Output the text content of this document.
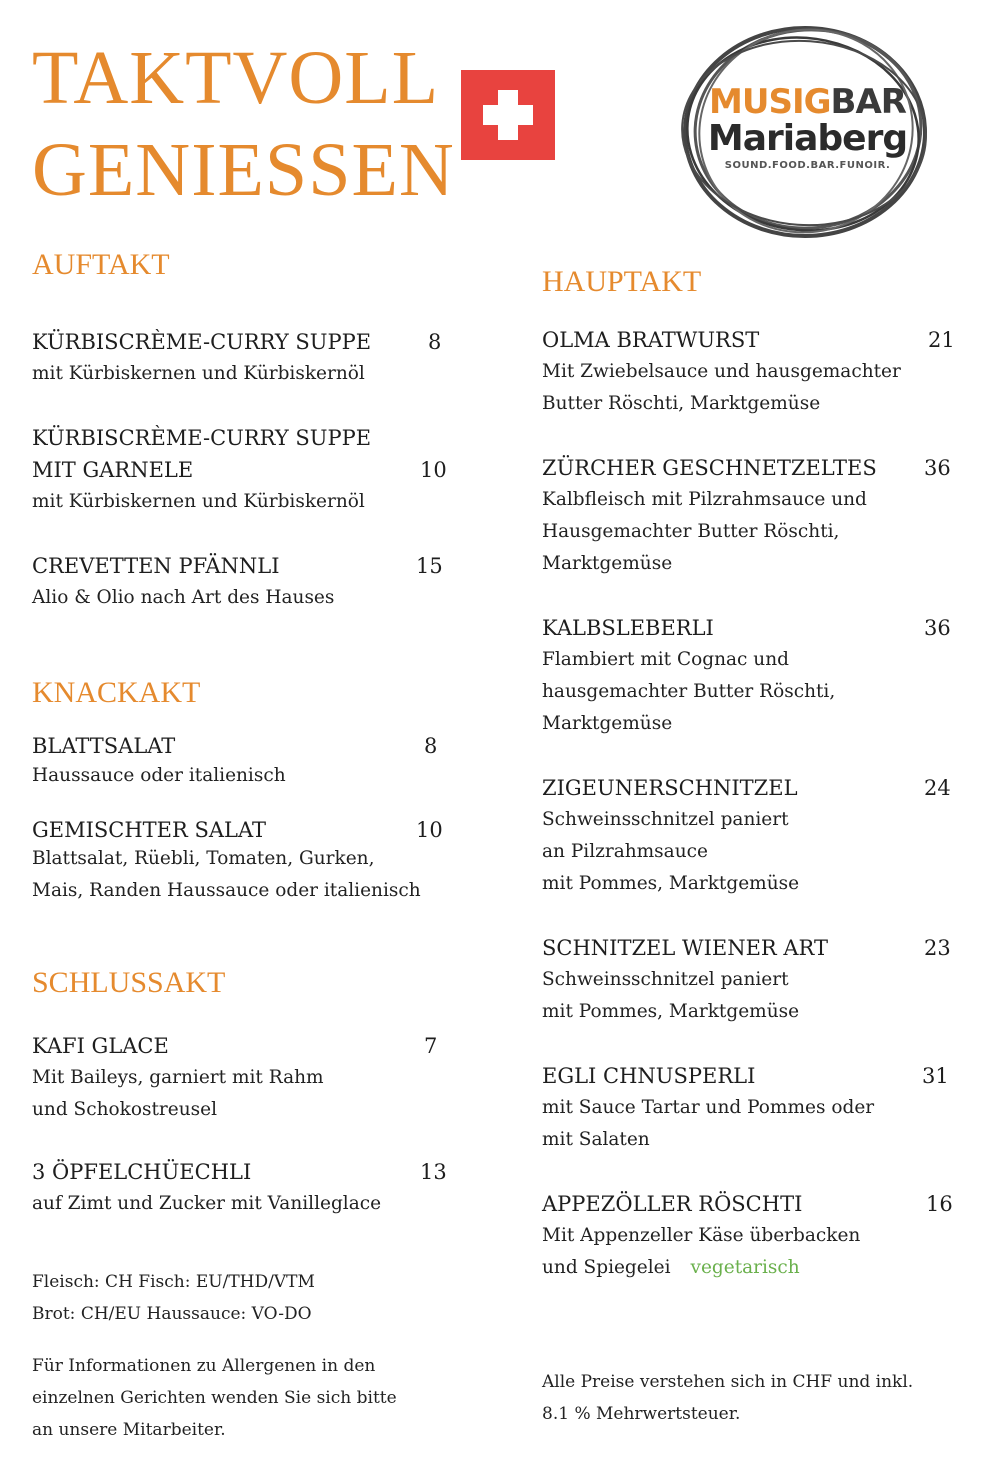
TAKTVOLL
GENIESSEN
MUSIGBAR
Mariaberg
SOUND.FOOD.BAR.FUNOIR.
AUFTAKT
KÜRBISCRÈME-CURRY SUPPE	8
mit Kürbiskernen und Kürbiskernöl
KÜRBISCRÈME-CURRY SUPPE
MIT GARNELE	10
mit Kürbiskernen und Kürbiskernöl
CREVETTEN PFÄNNLI	15
Alio & Olio nach Art des Hauses
KNACKAKT
BLATTSALAT	8
Haussauce oder italienisch
GEMISCHTER SALAT	10
Blattsalat, Rüebli, Tomaten, Gurken,
Mais, Randen Haussauce oder italienisch
SCHLUSSAKT
KAFI GLACE	7
Mit Baileys, garniert mit Rahm
und Schokostreusel
3 ÖPFELCHÜECHLI	13
auf Zimt und Zucker mit Vanilleglace
Fleisch: CH Fisch: EU/THD/VTM
Brot: CH/EU Haussauce: VO-DO
Für Informationen zu Allergenen in den
einzelnen Gerichten wenden Sie sich bitte
an unsere Mitarbeiter.
HAUPTAKT
OLMA BRATWURST	21
Mit Zwiebelsauce und hausgemachter
Butter Röschti, Marktgemüse
ZÜRCHER GESCHNETZELTES 36
Kalbfleisch mit Pilzrahmsauce und
Hausgemachter Butter Röschti,
Marktgemüse
KALBSLEBERLI	36
Flambiert mit Cognac und
hausgemachter Butter Röschti,
Marktgemüse
ZIGEUNERSCHNITZEL	24
Schweinsschnitzel paniert
an Pilzrahmsauce
mit Pommes, Marktgemüse
SCHNITZEL WIENER ART	23
Schweinsschnitzel paniert
mit Pommes, Marktgemüse
EGLI CHNUSPERLI	31
mit Sauce Tartar und Pommes oder
mit Salaten
APPEZÖLLER RÖSCHTI	16
Mit Appenzeller Käse überbacken
und Spiegelei vegetarisch
Alle Preise verstehen sich in CHF und inkl.
8.1 % Mehrwertsteuer.
